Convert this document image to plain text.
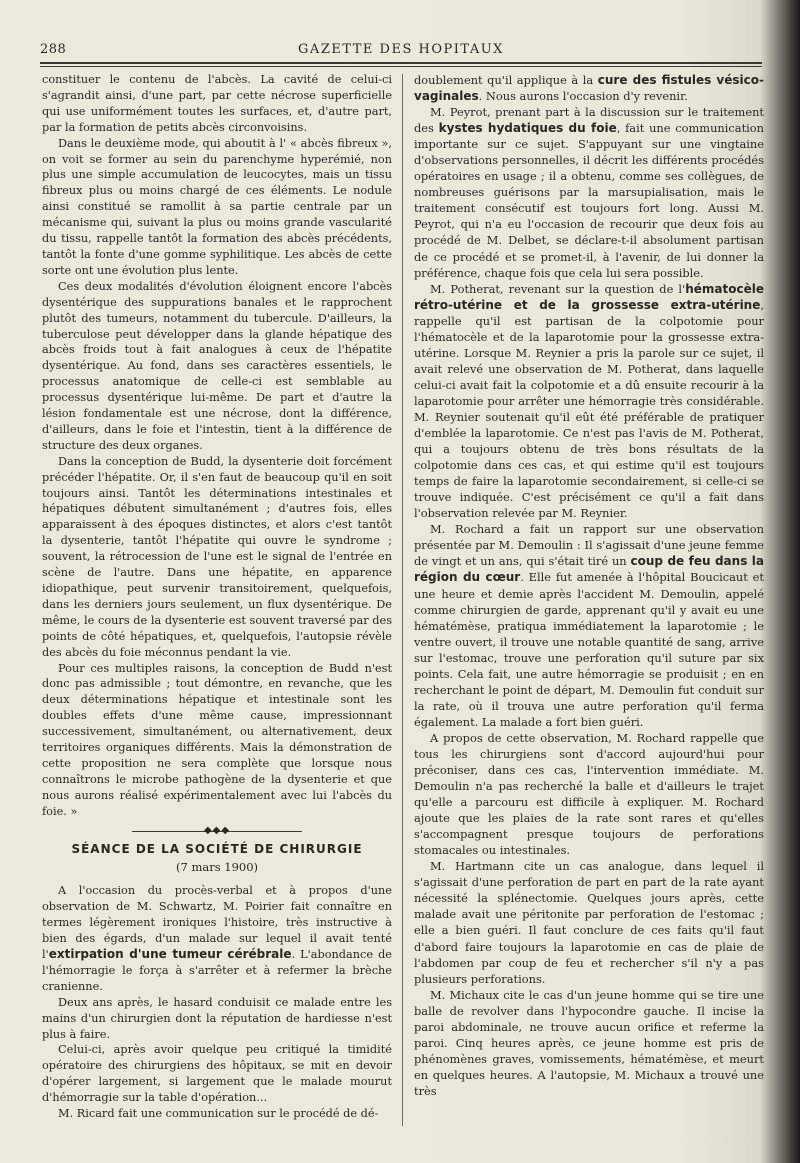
288	GAZETTE DES HOPITAUX

constituer le contenu de l'abcès. La cavité de celui-ci s'agrandit ainsi, d'une part, par cette nécrose superficielle qui use uniformément toutes les surfaces, et, d'autre part, par la formation de petits abcès circonvoisins.

Dans le deuxième mode, qui aboutit à l' « abcès fibreux », on voit se former au sein du parenchyme hyperémié, non plus une simple accumulation de leucocytes, mais un tissu fibreux plus ou moins chargé de ces éléments. Le nodule ainsi constitué se ramollit à sa partie centrale par un mécanisme qui, suivant la plus ou moins grande vascularité du tissu, rappelle tantôt la formation des abcès précédents, tantôt la fonte d'une gomme syphilitique. Les abcès de cette sorte ont une évolution plus lente.

Ces deux modalités d'évolution éloignent encore l'abcès dysentérique des suppurations banales et le rapprochent plutôt des tumeurs, notamment du tubercule. D'ailleurs, la tuberculose peut développer dans la glande hépatique des abcès froids tout à fait analogues à ceux de l'hépatite dysentérique. Au fond, dans ses caractères essentiels, le processus anatomique de celle-ci est semblable au processus dysentérique lui-même. De part et d'autre la lésion fondamentale est une nécrose, dont la différence, d'ailleurs, dans le foie et l'intestin, tient à la différence de structure des deux organes.

Dans la conception de Budd, la dysenterie doit forcément précéder l'hépatite. Or, il s'en faut de beaucoup qu'il en soit toujours ainsi. Tantôt les déterminations intestinales et hépatiques débutent simultanément ; d'autres fois, elles apparaissent à des époques distinctes, et alors c'est tantôt la dysenterie, tantôt l'hépatite qui ouvre le syndrome ; souvent, la rétrocession de l'une est le signal de l'entrée en scène de l'autre. Dans une hépatite, en apparence idiopathique, peut survenir transitoirement, quelquefois, dans les derniers jours seulement, un flux dysentérique. De même, le cours de la dysenterie est souvent traversé par des points de côté hépatiques, et, quelquefois, l'autopsie révèle des abcès du foie méconnus pendant la vie.

Pour ces multiples raisons, la conception de Budd n'est donc pas admissible ; tout démontre, en revanche, que les deux déterminations hépatique et intestinale sont les doubles effets d'une même cause, impressionnant successivement, simultanément, ou alternativement, deux territoires organiques différents. Mais la démonstration de cette proposition ne sera complète que lorsque nous connaîtrons le microbe pathogène de la dysenterie et que nous aurons réalisé expérimentalement avec lui l'abcès du foie. »

◆◆◆
SÉANCE DE LA SOCIÉTÉ DE CHIRURGIE
(7 mars 1900)

A l'occasion du procès-verbal et à propos d'une observation de M. Schwartz, M. Poirier fait connaître en termes légèrement ironiques l'histoire, très instructive à bien des égards, d'un malade sur lequel il avait tenté l'extirpation d'une tumeur cérébrale. L'abondance de l'hémorragie le força à s'arrêter et à refermer la brèche cranienne.

Deux ans après, le hasard conduisit ce malade entre les mains d'un chirurgien dont la réputation de hardiesse n'est plus à faire.

Celui-ci, après avoir quelque peu critiqué la timidité opératoire des chirurgiens des hôpitaux, se mit en devoir d'opérer largement, si largement que le malade mourut d'hémorragie sur la table d'opération...

M. Ricard fait une communication sur le procédé de dé-

doublement qu'il applique à la cure des fistules vésico-vaginales. Nous aurons l'occasion d'y revenir.

M. Peyrot, prenant part à la discussion sur le traitement des kystes hydatiques du foie, fait une communication importante sur ce sujet. S'appuyant sur une vingtaine d'observations personnelles, il décrit les différents procédés opératoires en usage ; il a obtenu, comme ses collègues, de nombreuses guérisons par la marsupialisation, mais le traitement consécutif est toujours fort long. Aussi M. Peyrot, qui n'a eu l'occasion de recourir que deux fois au procédé de M. Delbet, se déclare-t-il absolument partisan de ce procédé et se promet-il, à l'avenir, de lui donner la préférence, chaque fois que cela lui sera possible.

M. Potherat, revenant sur la question de l'hématocèle rétro-utérine et de la grossesse extra-utérine, rappelle qu'il est partisan de la colpotomie pour l'hématocèle et de la laparotomie pour la grossesse extra-utérine. Lorsque M. Reynier a pris la parole sur ce sujet, il avait relevé une observation de M. Potherat, dans laquelle celui-ci avait fait la colpotomie et a dû ensuite recourir à la laparotomie pour arrêter une hémorragie très considérable. M. Reynier soutenait qu'il eût été préférable de pratiquer d'emblée la laparotomie. Ce n'est pas l'avis de M. Potherat, qui a toujours obtenu de très bons résultats de la colpotomie dans ces cas, et qui estime qu'il est toujours temps de faire la laparotomie secondairement, si celle-ci se trouve indiquée. C'est précisément ce qu'il a fait dans l'observation relevée par M. Reynier.

M. Rochard a fait un rapport sur une observation présentée par M. Demoulin : Il s'agissait d'une jeune femme de vingt et un ans, qui s'était tiré un coup de feu dans la région du cœur. Elle fut amenée à l'hôpital Boucicaut et une heure et demie après l'accident M. Demoulin, appelé comme chirurgien de garde, apprenant qu'il y avait eu une hématémèse, pratiqua immédiatement la laparotomie ; le ventre ouvert, il trouve une notable quantité de sang, arrive sur l'estomac, trouve une perforation qu'il suture par six points. Cela fait, une autre hémorragie se produisit ; en en recherchant le point de départ, M. Demoulin fut conduit sur la rate, où il trouva une autre perforation qu'il ferma également. La malade a fort bien guéri.

A propos de cette observation, M. Rochard rappelle que tous les chirurgiens sont d'accord aujourd'hui pour préconiser, dans ces cas, l'intervention immédiate. M. Demoulin n'a pas recherché la balle et d'ailleurs le trajet qu'elle a parcouru est difficile à expliquer. M. Rochard ajoute que les plaies de la rate sont rares et qu'elles s'accompagnent presque toujours de perforations stomacales ou intestinales.

M. Hartmann cite un cas analogue, dans lequel il s'agissait d'une perforation de part en part de la rate ayant nécessité la splénectomie. Quelques jours après, cette malade avait une péritonite par perforation de l'estomac ; elle a bien guéri. Il faut conclure de ces faits qu'il faut d'abord faire toujours la laparotomie en cas de plaie de l'abdomen par coup de feu et rechercher s'il n'y a pas plusieurs perforations.

M. Michaux cite le cas d'un jeune homme qui se tire une balle de revolver dans l'hypocondre gauche. Il incise la paroi abdominale, ne trouve aucun orifice et referme la paroi. Cinq heures après, ce jeune homme est pris de phénomènes graves, vomissements, hématémèse, et meurt en quelques heures. A l'autopsie, M. Michaux a trouvé une très
